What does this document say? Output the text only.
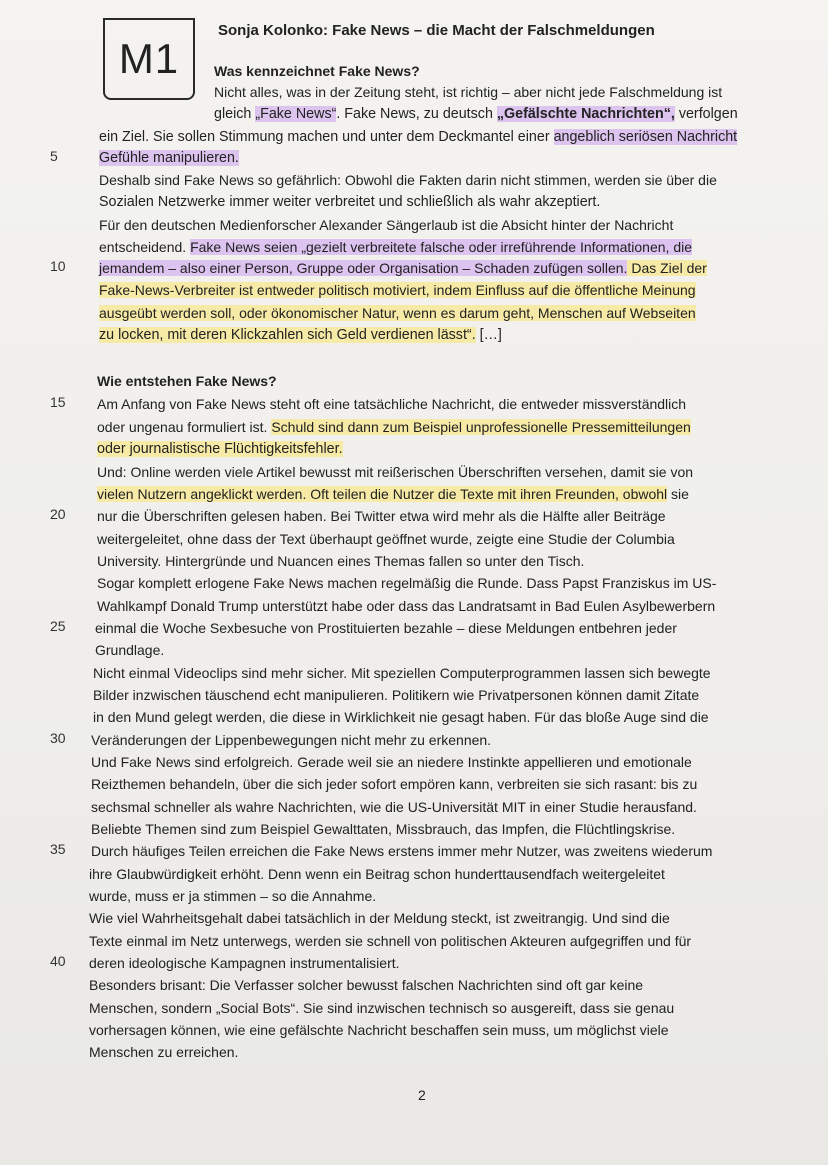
M1
Sonja Kolonko: Fake News – die Macht der Falschmeldungen
Was kennzeichnet Fake News?
Nicht alles, was in der Zeitung steht, ist richtig – aber nicht jede Falschmeldung ist
gleich „Fake News“. Fake News, zu deutsch „Gefälschte Nachrichten“, verfolgen
ein Ziel. Sie sollen Stimmung machen und unter dem Deckmantel einer angeblich seriösen Nachricht
5	Gefühle manipulieren.
Deshalb sind Fake News so gefährlich: Obwohl die Fakten darin nicht stimmen, werden sie über die
Sozialen Netzwerke immer weiter verbreitet und schließlich als wahr akzeptiert.
Für den deutschen Medienforscher Alexander Sängerlaub ist die Absicht hinter der Nachricht
entscheidend. Fake News seien „gezielt verbreitete falsche oder irreführende Informationen, die
10	jemandem – also einer Person, Gruppe oder Organisation – Schaden zufügen sollen. Das Ziel der
Fake-News-Verbreiter ist entweder politisch motiviert, indem Einfluss auf die öffentliche Meinung
ausgeübt werden soll, oder ökonomischer Natur, wenn es darum geht, Menschen auf Webseiten
zu locken, mit deren Klickzahlen sich Geld verdienen lässt“. […]
Wie entstehen Fake News?
15	Am Anfang von Fake News steht oft eine tatsächliche Nachricht, die entweder missverständlich
oder ungenau formuliert ist. Schuld sind dann zum Beispiel unprofessionelle Pressemitteilungen
oder journalistische Flüchtigkeitsfehler.
Und: Online werden viele Artikel bewusst mit reißerischen Überschriften versehen, damit sie von
vielen Nutzern angeklickt werden. Oft teilen die Nutzer die Texte mit ihren Freunden, obwohl sie
20	nur die Überschriften gelesen haben. Bei Twitter etwa wird mehr als die Hälfte aller Beiträge
weitergeleitet, ohne dass der Text überhaupt geöffnet wurde, zeigte eine Studie der Columbia
University. Hintergründe und Nuancen eines Themas fallen so unter den Tisch.
Sogar komplett erlogene Fake News machen regelmäßig die Runde. Dass Papst Franziskus im US-
Wahlkampf Donald Trump unterstützt habe oder dass das Landratsamt in Bad Eulen Asylbewerbern
25	einmal die Woche Sexbesuche von Prostituierten bezahle – diese Meldungen entbehren jeder
Grundlage.
Nicht einmal Videoclips sind mehr sicher. Mit speziellen Computerprogrammen lassen sich bewegte
Bilder inzwischen täuschend echt manipulieren. Politikern wie Privatpersonen können damit Zitate
in den Mund gelegt werden, die diese in Wirklichkeit nie gesagt haben. Für das bloße Auge sind die
30	Veränderungen der Lippenbewegungen nicht mehr zu erkennen.
Und Fake News sind erfolgreich. Gerade weil sie an niedere Instinkte appellieren und emotionale
Reizthemen behandeln, über die sich jeder sofort empören kann, verbreiten sie sich rasant: bis zu
sechsmal schneller als wahre Nachrichten, wie die US-Universität MIT in einer Studie herausfand.
Beliebte Themen sind zum Beispiel Gewalttaten, Missbrauch, das Impfen, die Flüchtlingskrise.
35	Durch häufiges Teilen erreichen die Fake News erstens immer mehr Nutzer, was zweitens wiederum
ihre Glaubwürdigkeit erhöht. Denn wenn ein Beitrag schon hunderttausendfach weitergeleitet
wurde, muss er ja stimmen – so die Annahme.
Wie viel Wahrheitsgehalt dabei tatsächlich in der Meldung steckt, ist zweitrangig. Und sind die
Texte einmal im Netz unterwegs, werden sie schnell von politischen Akteuren aufgegriffen und für
40	deren ideologische Kampagnen instrumentalisiert.
Besonders brisant: Die Verfasser solcher bewusst falschen Nachrichten sind oft gar keine
Menschen, sondern „Social Bots“. Sie sind inzwischen technisch so ausgereift, dass sie genau
vorhersagen können, wie eine gefälschte Nachricht beschaffen sein muss, um möglichst viele
Menschen zu erreichen.
2
